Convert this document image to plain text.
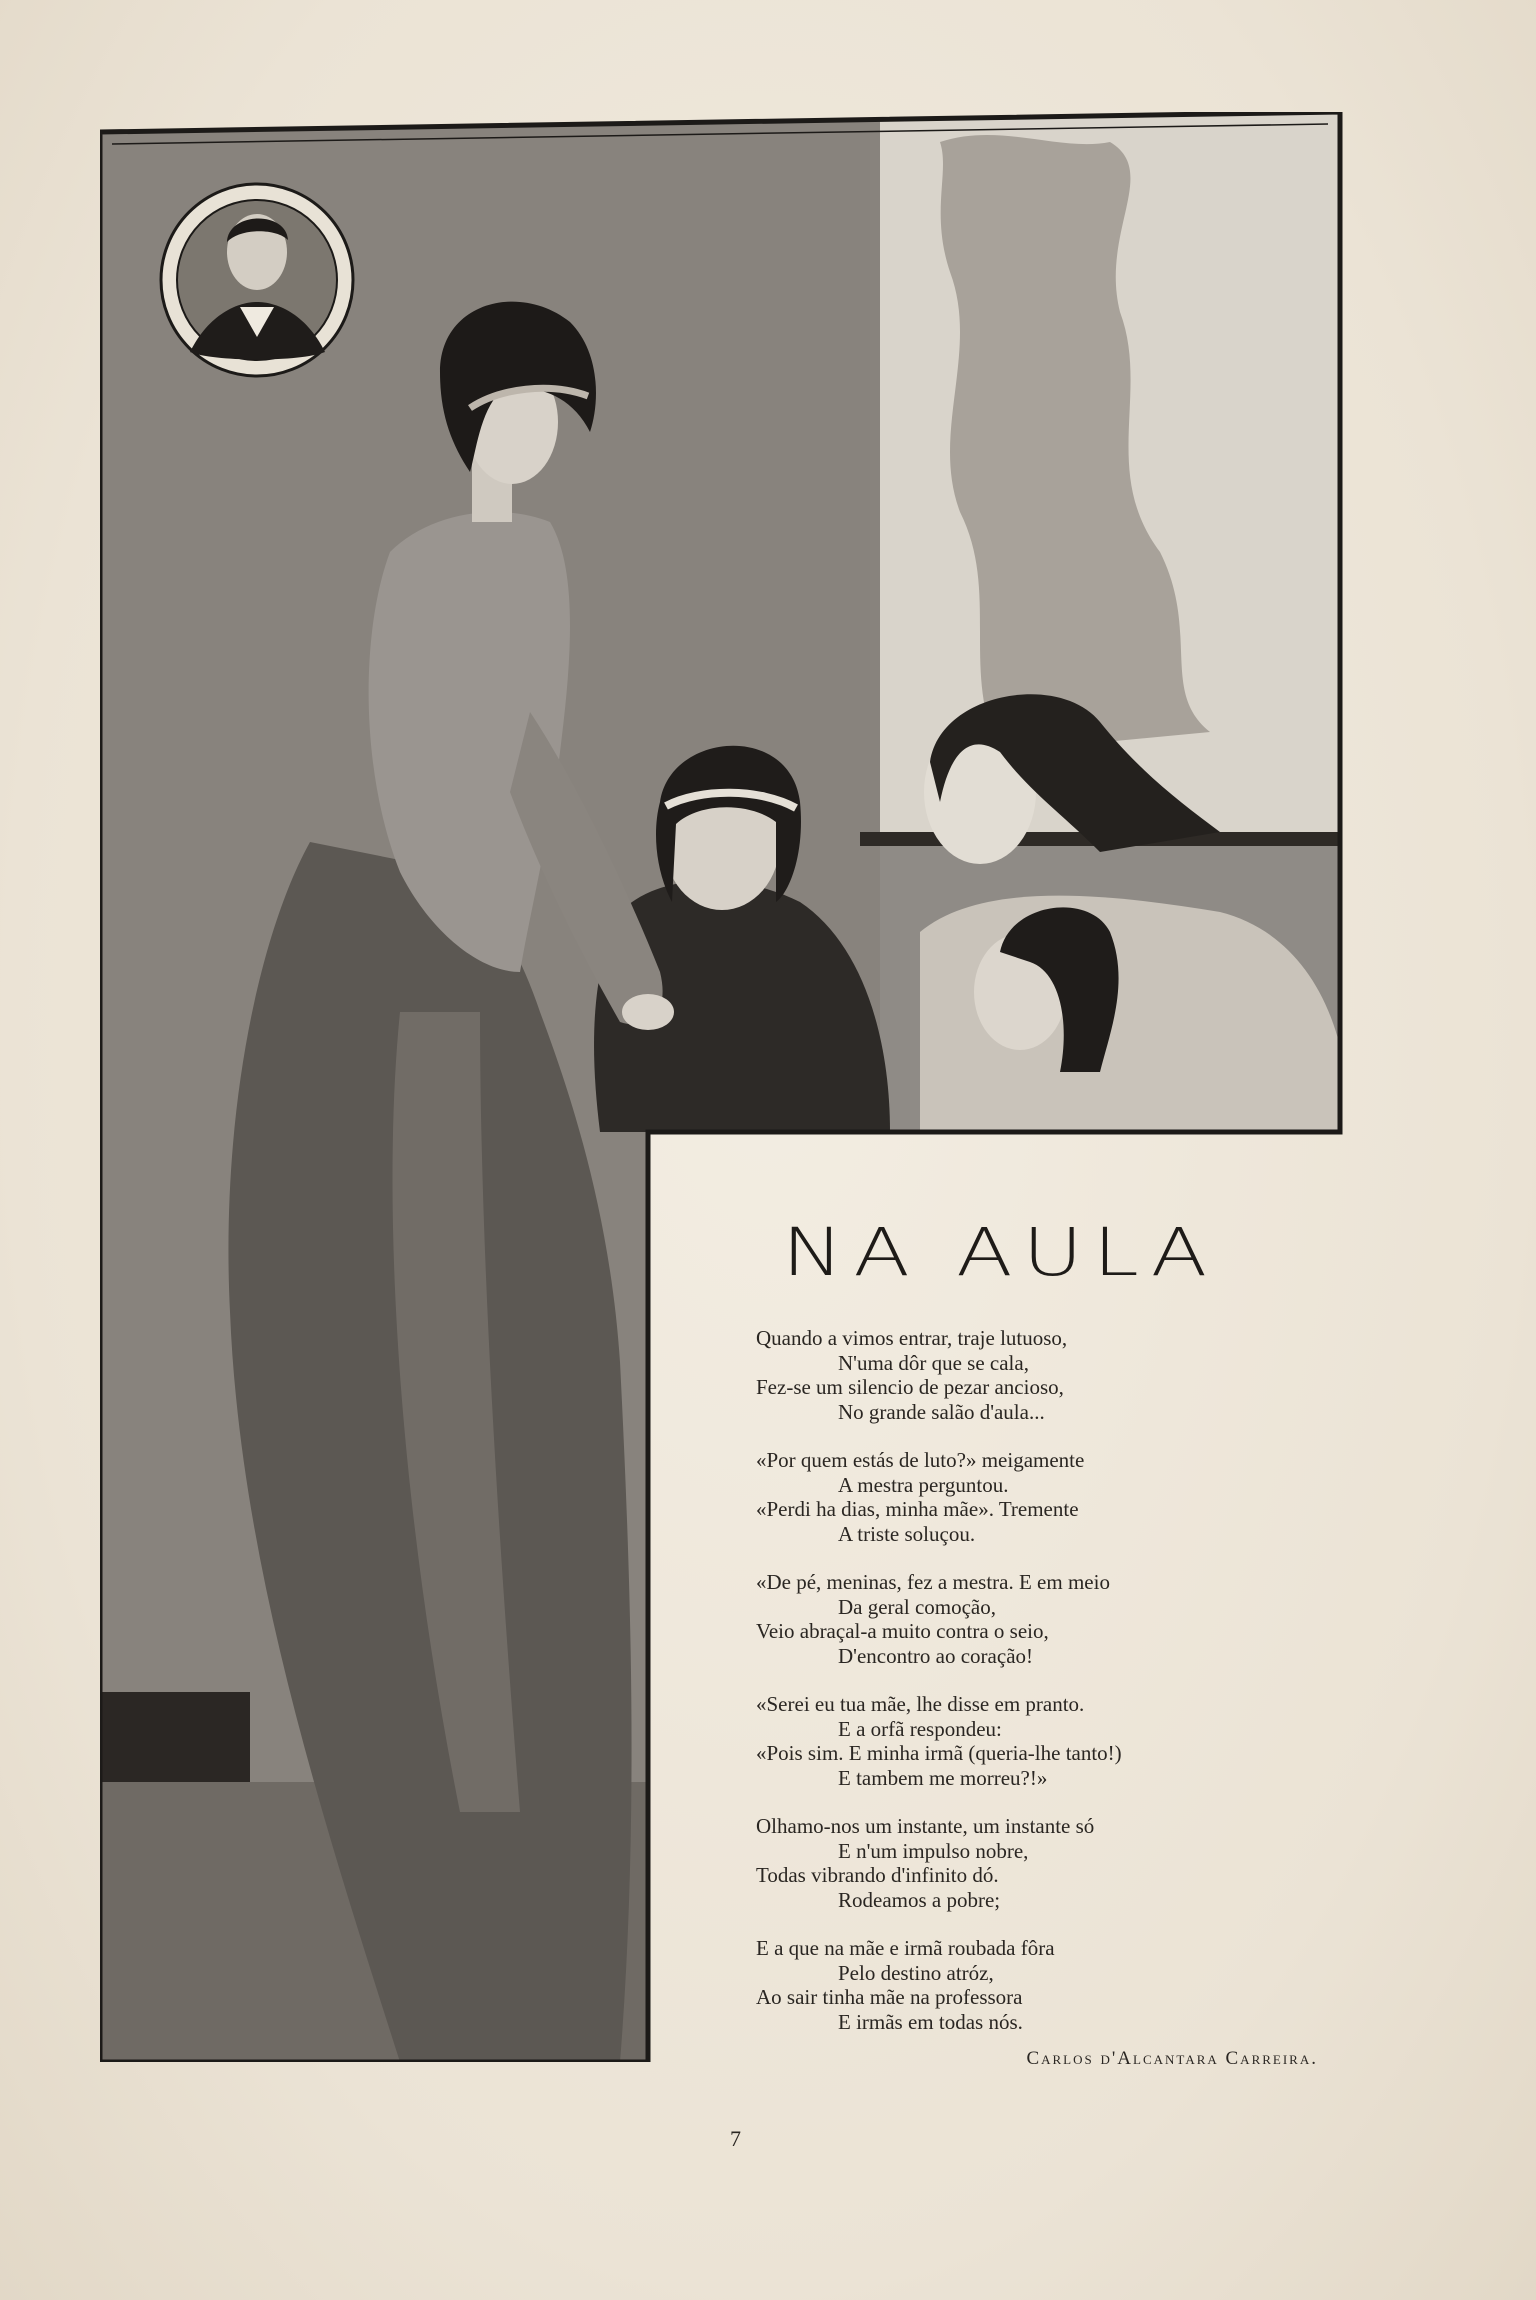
NA AULA
Quando a vimos entrar, traje lutuoso,
N'uma dôr que se cala,
Fez-se um silencio de pezar ancioso,
No grande salão d'aula...
«Por quem estás de luto?» meigamente
A mestra perguntou.
«Perdi ha dias, minha mãe». Tremente
A triste soluçou.
«De pé, meninas, fez a mestra. E em meio
Da geral comoção,
Veio abraçal-a muito contra o seio,
D'encontro ao coração!
«Serei eu tua mãe, lhe disse em pranto.
E a orfã respondeu:
«Pois sim. E minha irmã (queria-lhe tanto!)
E tambem me morreu?!»
Olhamo-nos um instante, um instante só
E n'um impulso nobre,
Todas vibrando d'infinito dó.
Rodeamos a pobre;
E a que na mãe e irmã roubada fôra
Pelo destino atróz,
Ao sair tinha mãe na professora
E irmãs em todas nós.
Carlos d'Alcantara Carreira.
7
